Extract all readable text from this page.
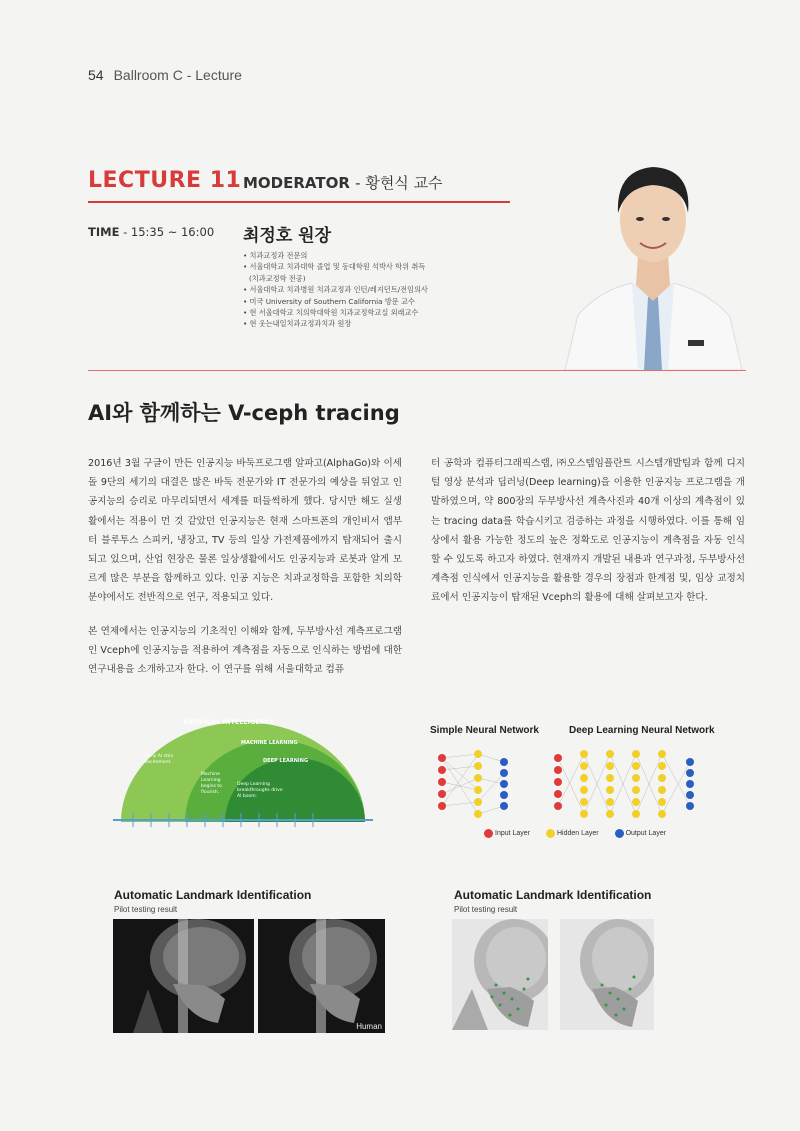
54 Ballroom C - Lecture
LECTURE 11 MODERATOR - 황현식 교수
TIME - 15:35 ~ 16:00 최정호 원장
• 치과교정과 전문의
• 서울대학교 치과대학 졸업 및 동대학원 석박사 학위 취득
(치과교정학 전공)
• 서울대학교 치과병원 치과교정과 인턴/레지던트/전임의사
• 미국 University of Southern California 방문 교수
• 현 서울대학교 치의학대학원 치과교정학교실 외래교수
• 현 웃는내일치과교정과치과 원장
AI와 함께하는 V-ceph tracing

2016년 3월 구글이 만든 인공지능 바둑프로그램 알파고(AlphaGo)와 이세돌 9단의 세기의 대결은 많은 바둑 전문가와 IT 전문가의 예상을 뒤엎고 인공지능의 승리로 마무리되면서 세계를 떠들썩하게 했다. 당시만 해도 실생활에서는 적용이 먼 것 같았던 인공지능은 현재 스마트폰의 개인비서 앱부터 블루투스 스피커, 냉장고, TV 등의 일상 가전제품에까지 탑재되어 출시되고 있으며, 산업 현장은 물론 일상생활에서도 인공지능과 로봇과 알게 모르게 많은 부분을 함께하고 있다. 인공 지능은 치과교정학을 포함한 치의학분야에서도 전반적으로 연구, 적용되고 있다.

본 연제에서는 인공지능의 기초적인 이해와 함께, 두부방사선 계측프로그램인 Vceph에 인공지능을 적용하여 계측점을 자동으로 인식하는 방법에 대한 연구내용을 소개하고자 한다. 이 연구를 위해 서울대학교 컴퓨

터 공학과 컴퓨터그래픽스랩, ㈜오스템임플란트 시스템개발팀과 함께 디지털 영상 분석과 딥러닝(Deep learning)을 이용한 인공지능 프로그램을 개발하였으며, 약 800장의 두부방사선 계측사진과 40개 이상의 계측점이 있는 tracing data를 학습시키고 검증하는 과정을 시행하였다. 이를 통해 임상에서 활용 가능한 정도의 높은 정확도로 인공지능이 계측점을 자동 인식할 수 있도록 하고자 하였다. 현재까지 개발된 내용과 연구과정, 두부방사선 계측점 인식에서 인공지능을 활용할 경우의 장점과 한계점 및, 임상 교정치료에서 인공지능이 탑재된 Vceph의 활용에 대해 살펴보고자 한다.

ARTIFICAL INTELLIGENCE
MACHINE LEARNING
DEEP LEARNING
Early AI stirs excitement.
Machine Learning begins to flourish.
Deep Learning breakthroughs drive AI boom.
Simple Neural Network	Deep Learning Neural Network
Input Layer	Hidden Layer	Output Layer
Automatic Landmark Identification
Pilot testing result
Human
Automatic Landmark Identification
Pilot testing result
